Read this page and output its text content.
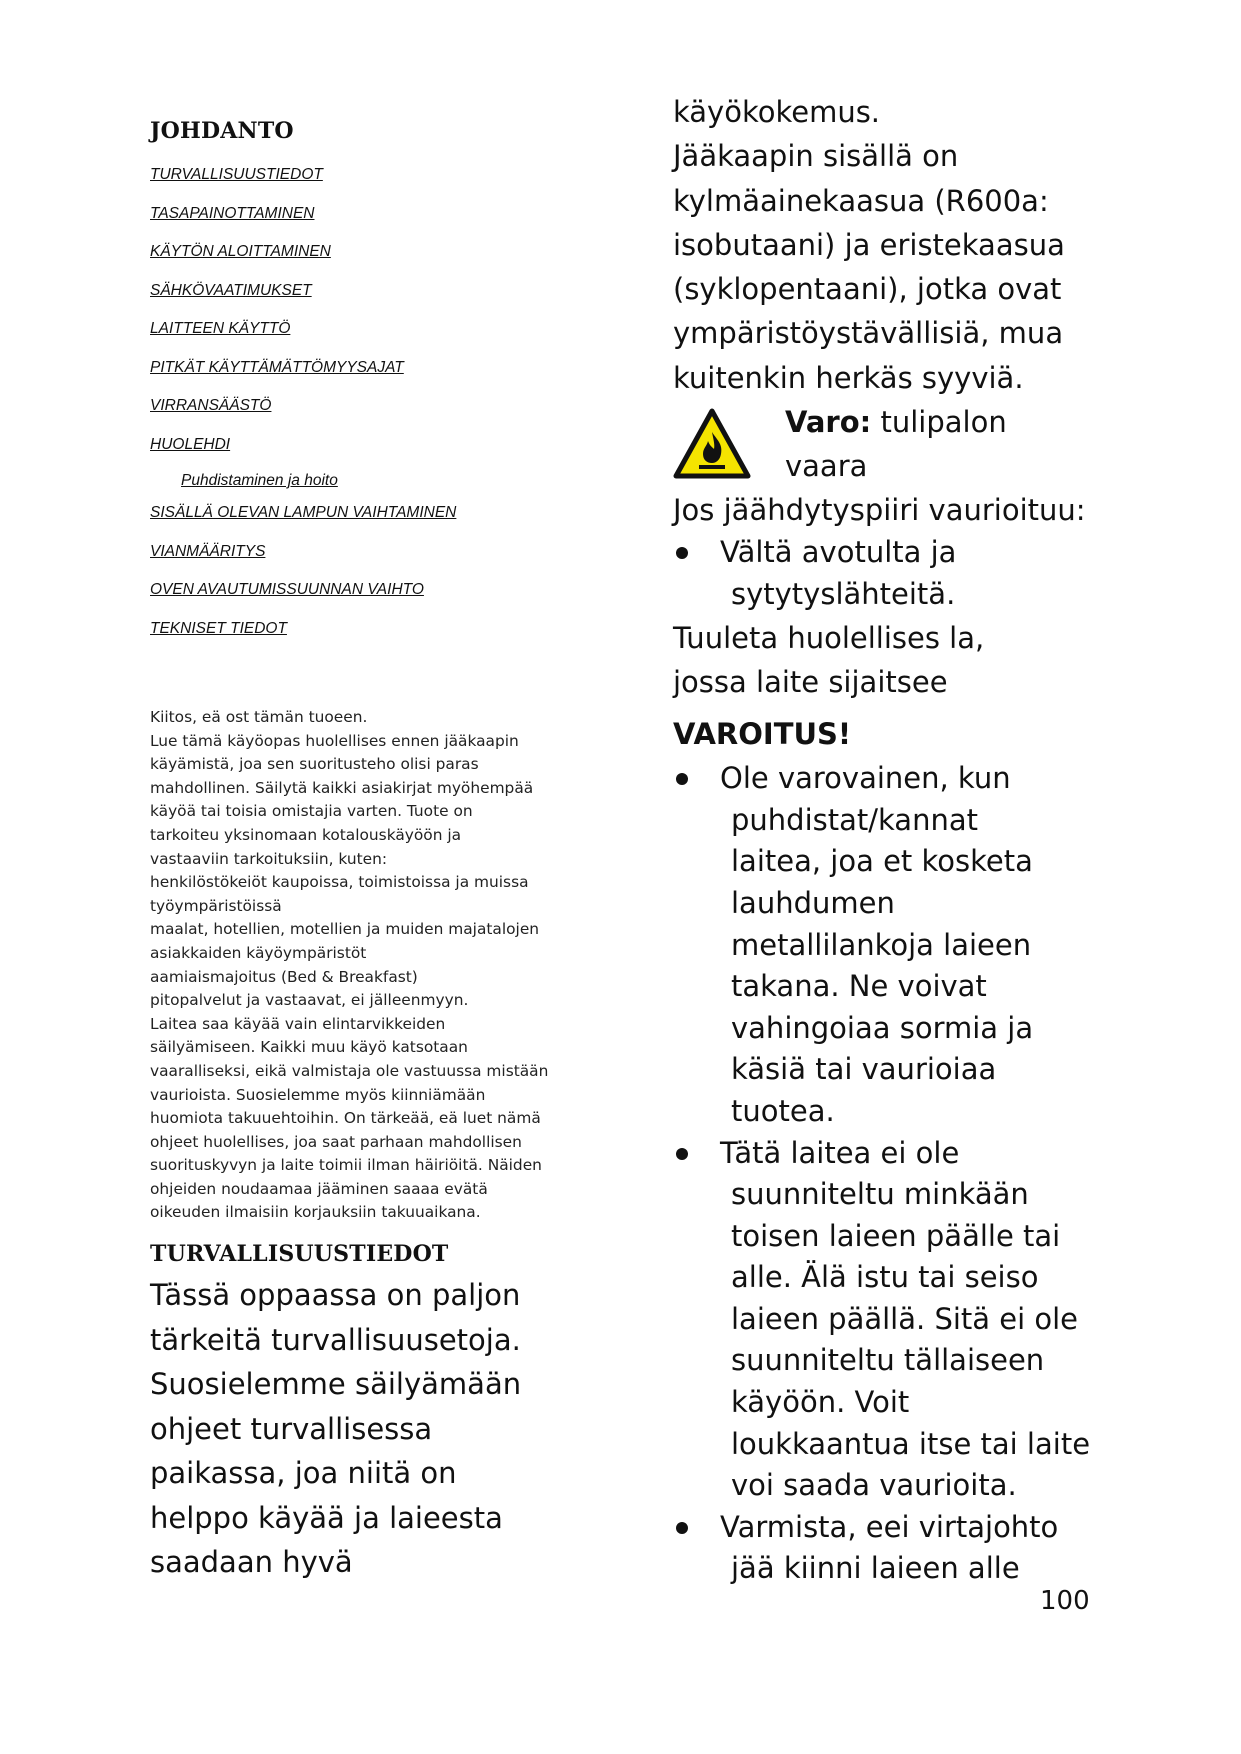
JOHDANTO
TURVALLISUUSTIEDOT
TASAPAINOTTAMINEN
KÄYTÖN ALOITTAMINEN
SÄHKÖVAATIMUKSET
LAITTEEN KÄYTTÖ
PITKÄT KÄYTTÄMÄTTÖMYYSAJAT
VIRRANSÄÄSTÖ
HUOLEHDI
Puhdistaminen ja hoito
SISÄLLÄ OLEVAN LAMPUN VAIHTAMINEN
VIANMÄÄRITYS
OVEN AVAUTUMISSUUNNAN VAIHTO
TEKNISET TIEDOT

Kiitos, eä ost tämän tuoeen.

Lue tämä käyöopas huolellises ennen jääkaapin

käyämistä, joa sen suoritusteho olisi paras

mahdollinen. Säilytä kaikki asiakirjat myöhempää

käyöä tai toisia omistajia varten. Tuote on

tarkoiteu yksinomaan kotalouskäyöön ja

vastaaviin tarkoituksiin, kuten:

henkilöstökeiöt kaupoissa, toimistoissa ja muissa

työympäristöissä

maalat, hotellien, motellien ja muiden majatalojen

asiakkaiden käyöympäristöt

aamiaismajoitus (Bed & Breakfast)

pitopalvelut ja vastaavat, ei jälleenmyyn.

Laitea saa käyää vain elintarvikkeiden

säilyämiseen. Kaikki muu käyö katsotaan

vaaralliseksi, eikä valmistaja ole vastuussa mistään

vaurioista. Suosielemme myös kiinniämään

huomiota takuuehtoihin. On tärkeää, eä luet nämä

ohjeet huolellises, joa saat parhaan mahdollisen

suorituskyvyn ja laite toimii ilman häiriöitä. Näiden

ohjeiden noudaamaa jääminen saaaa evätä

oikeuden ilmaisiin korjauksiin takuuaikana.

TURVALLISUUSTIEDOT
Tässä oppaassa on paljon
tärkeitä turvallisuusetoja.
Suosielemme säilyämään
ohjeet turvallisessa
paikassa, joa niitä on
helppo käyää ja laieesta
saadaan hyvä
käyökokemus.
Jääkaapin sisällä on
kylmäainekaasua (R600a:
isobutaani) ja eristekaasua
(syklopentaani), jotka ovat
ympäristöystävällisiä, mua
kuitenkin herkäs syyviä.
Varo: tulipalon
vaara
Jos jäähdytyspiiri vaurioituu:
Vältä avotulta ja
sytytyslähteitä.
Tuuleta huolellises la,
jossa laite sijaitsee
VAROITUS!
Ole varovainen, kun
puhdistat/kannat
laitea, joa et kosketa
lauhdumen
metallilankoja laieen
takana. Ne voivat
vahingoiaa sormia ja
käsiä tai vaurioiaa
tuotea.
Tätä laitea ei ole
suunniteltu minkään
toisen laieen päälle tai
alle. Älä istu tai seiso
laieen päällä. Sitä ei ole
suunniteltu tällaiseen
käyöön. Voit
loukkaantua itse tai laite
voi saada vaurioita.
Varmista, eei virtajohto
jää kiinni laieen alle
100
